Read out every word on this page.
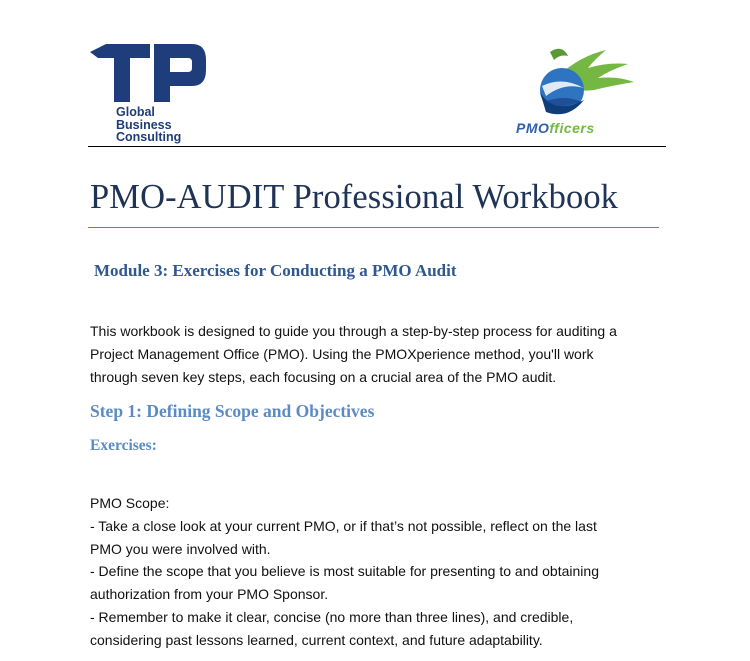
Global
Business
Consulting
PMOfficers
PMO-AUDIT Professional Workbook
Module 3: Exercises for Conducting a PMO Audit
This workbook is designed to guide you through a step-by-step process for auditing a
Project Management Office (PMO). Using the PMOXperience method, you'll work
through seven key steps, each focusing on a crucial area of the PMO audit.
Step 1: Defining Scope and Objectives
Exercises:
PMO Scope:
- Take a close look at your current PMO, or if that’s not possible, reflect on the last
PMO you were involved with.
- Define the scope that you believe is most suitable for presenting to and obtaining
authorization from your PMO Sponsor.
- Remember to make it clear, concise (no more than three lines), and credible,
considering past lessons learned, current context, and future adaptability.
